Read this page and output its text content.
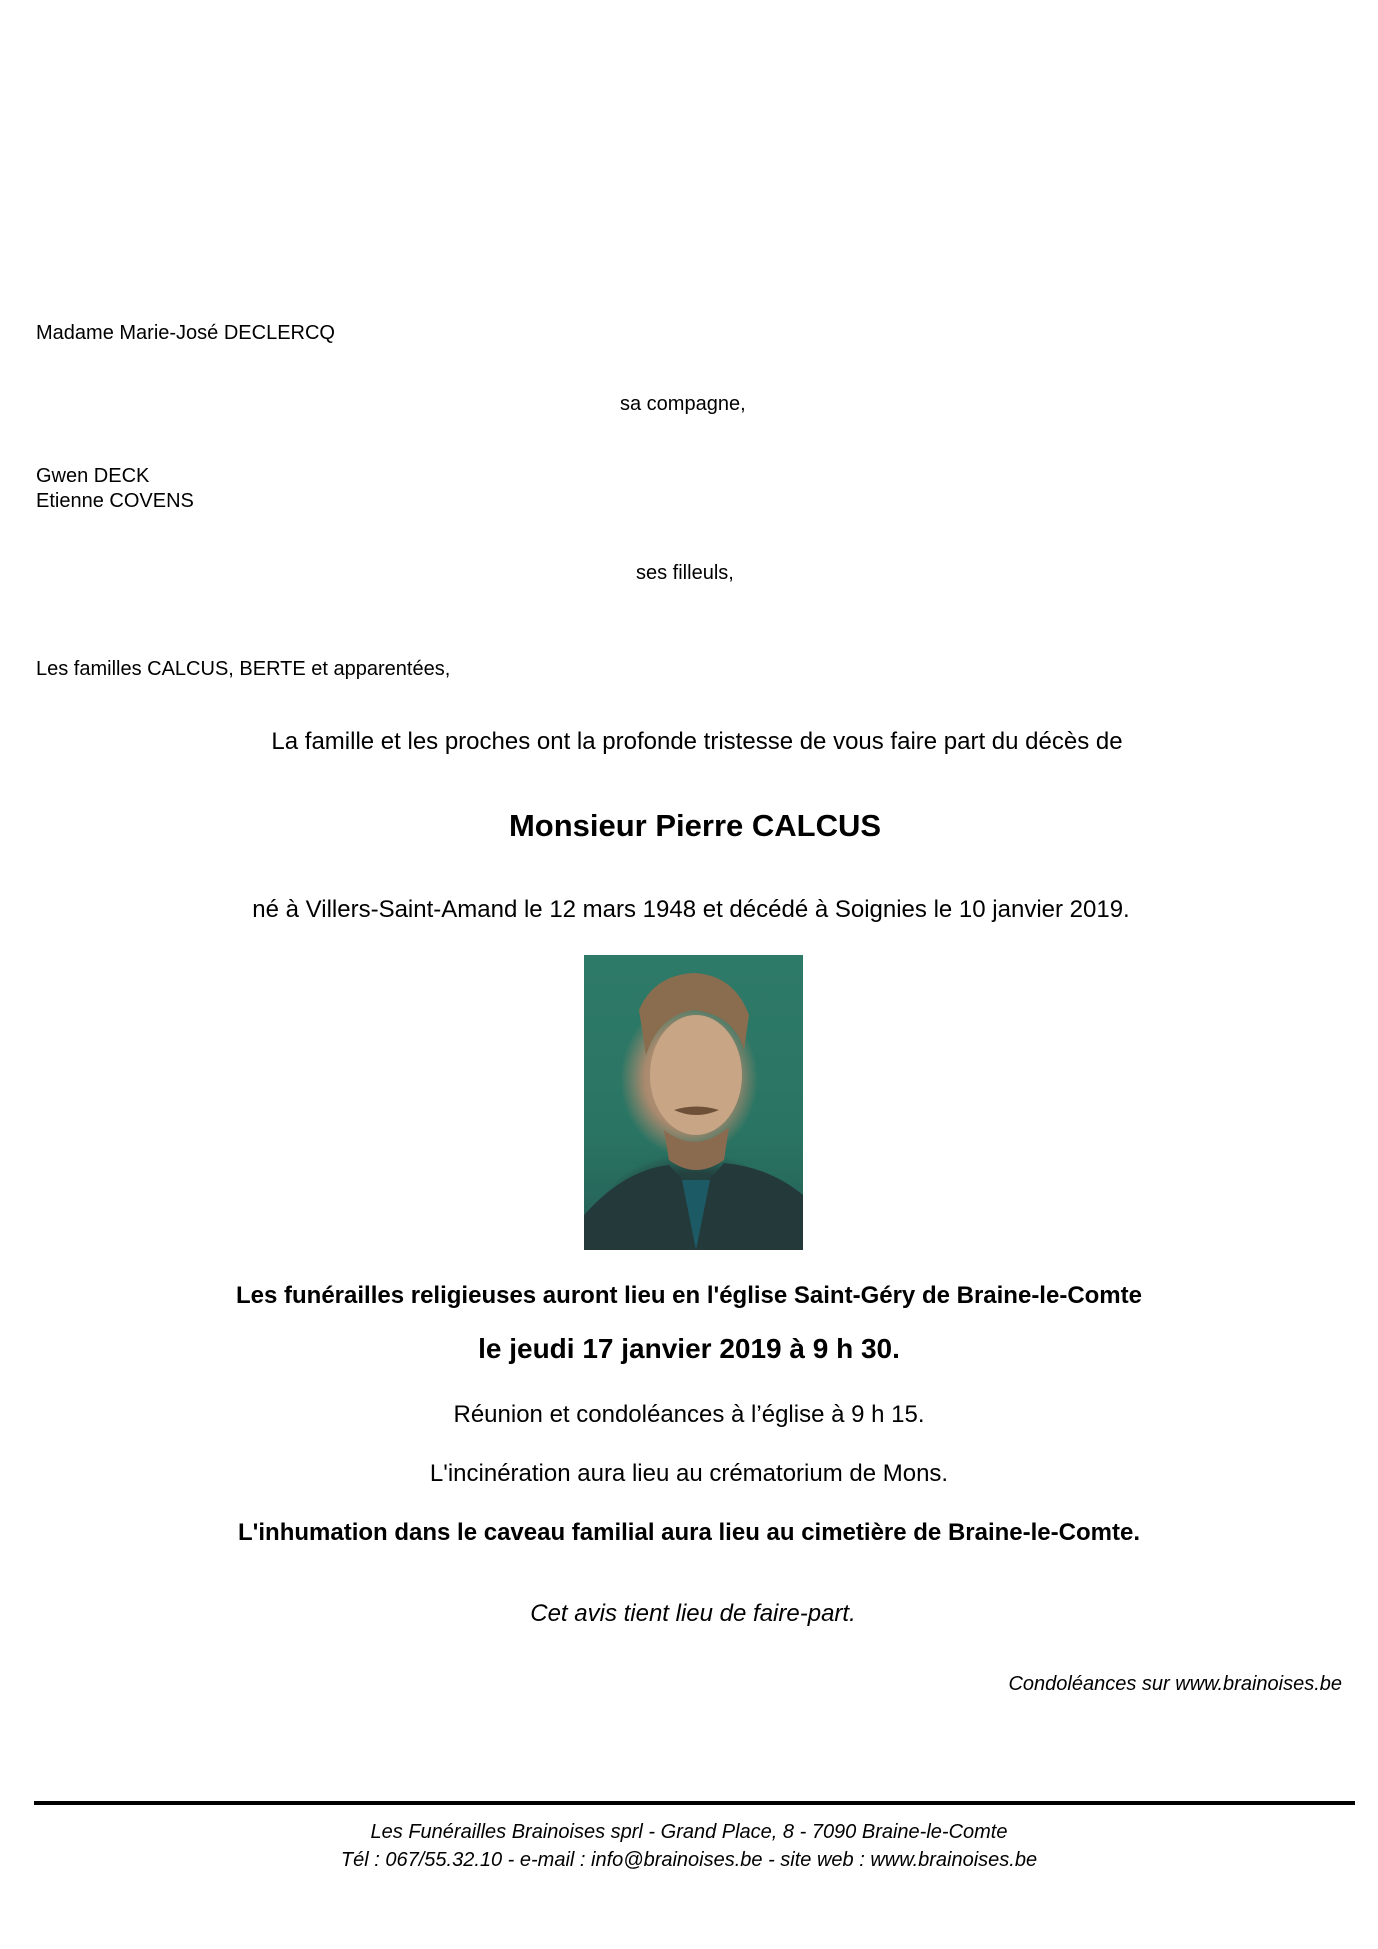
Madame Marie-José DECLERCQ
sa compagne,
Gwen DECK
Etienne COVENS
ses filleuls,
Les familles CALCUS, BERTE et apparentées,
La famille et les proches ont la profonde tristesse de vous faire part du décès de
Monsieur Pierre CALCUS
né à Villers-Saint-Amand le 12 mars 1948 et décédé à Soignies le 10 janvier 2019.
Les funérailles religieuses auront lieu en l'église Saint-Géry de Braine-le-Comte
le jeudi 17 janvier 2019 à 9 h 30.
Réunion et condoléances à l’église à 9 h 15.
L'incinération aura lieu au crématorium de Mons.
L'inhumation dans le caveau familial aura lieu au cimetière de Braine-le-Comte.
Cet avis tient lieu de faire-part.
Condoléances sur www.brainoises.be
Les Funérailles Brainoises sprl - Grand Place, 8 - 7090 Braine-le-Comte
Tél : 067/55.32.10 - e-mail : info@brainoises.be - site web : www.brainoises.be
